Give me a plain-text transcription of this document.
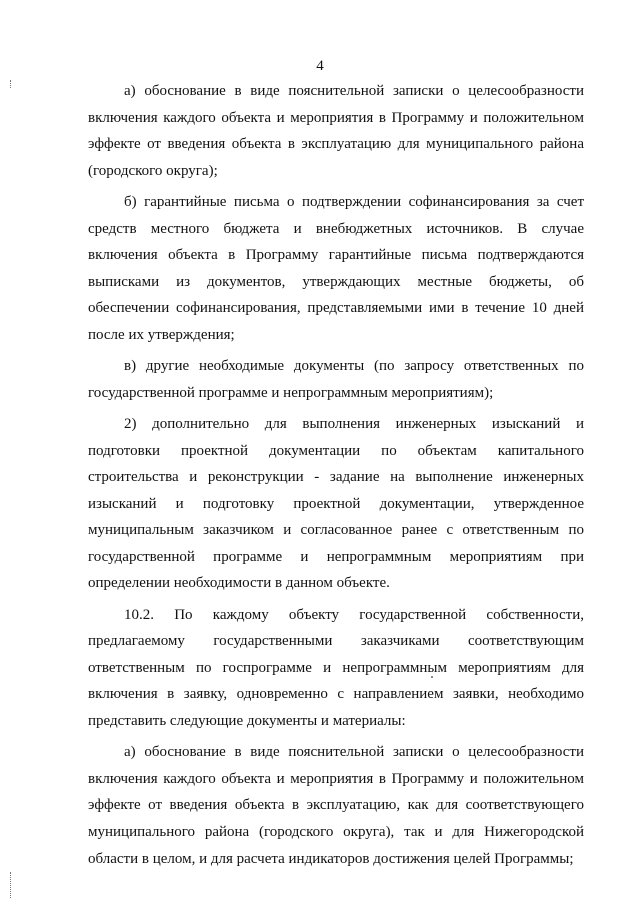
4

а) обоснование в виде пояснительной записки о целесообразности включения каждого объекта и мероприятия в Программу и положительном эффекте от введения объекта в эксплуатацию для муниципального района (городского округа);

б) гарантийные письма о подтверждении софинансирования за счет средств местного бюджета и внебюджетных источников. В случае включения объекта в Программу гарантийные письма подтверждаются выписками из документов, утверждающих местные бюджеты, об обеспечении софинансирования, представляемыми ими в течение 10 дней после их утверждения;

в) другие необходимые документы (по запросу ответственных по государственной программе и непрограммным мероприятиям);

2) дополнительно для выполнения инженерных изысканий и подготовки проектной документации по объектам капитального строительства и реконструкции - задание на выполнение инженерных изысканий и подготовку проектной документации, утвержденное муниципальным заказчиком и согласованное ранее с ответственным по государственной программе и непрограммным мероприятиям при определении необходимости в данном объекте.

10.2. По каждому объекту государственной собственности, предлагаемому государственными заказчиками соответствующим ответственным по госпрограмме и непрограммным мероприятиям для включения в заявку, одновременно с направлением заявки, необходимо представить следующие документы и материалы:

а) обоснование в виде пояснительной записки о целесообразности включения каждого объекта и мероприятия в Программу и положительном эффекте от введения объекта в эксплуатацию, как для соответствующего муниципального района (городского округа), так и для Нижегородской области в целом, и для расчета индикаторов достижения целей Программы;
